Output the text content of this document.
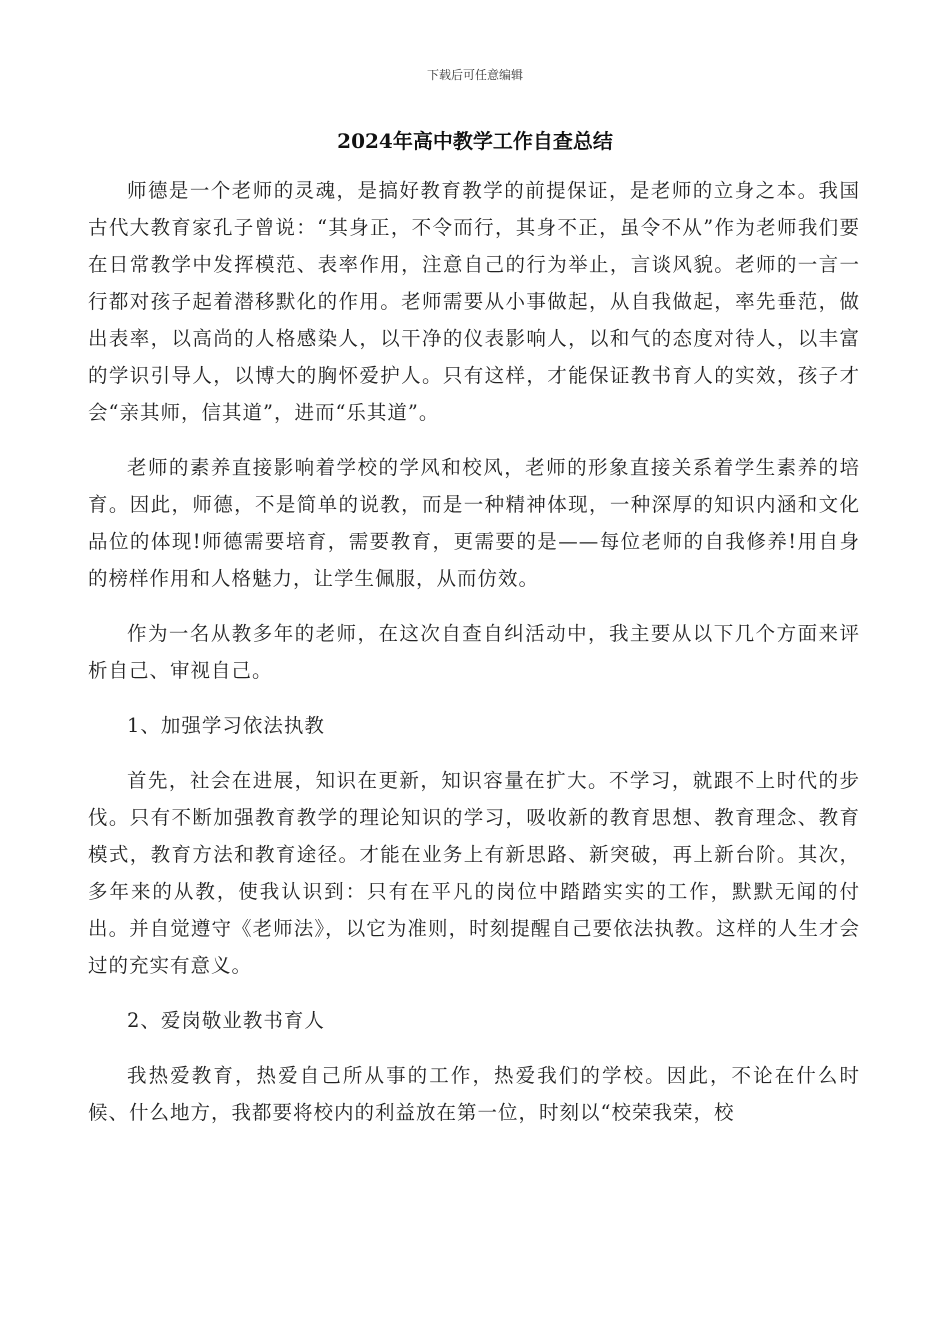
下载后可任意编辑
2024年高中教学工作自查总结

师德是一个老师的灵魂，是搞好教育教学的前提保证，是老师的立身之本。我国古代大教育家孔子曾说：“其身正，不令而行，其身不正，虽令不从”作为老师我们要在日常教学中发挥模范、表率作用，注意自己的行为举止，言谈风貌。老师的一言一行都对孩子起着潜移默化的作用。老师需要从小事做起，从自我做起，率先垂范，做出表率，以高尚的人格感染人，以干净的仪表影响人，以和气的态度对待人，以丰富的学识引导人，以博大的胸怀爱护人。只有这样，才能保证教书育人的实效，孩子才会“亲其师，信其道”，进而“乐其道”。

老师的素养直接影响着学校的学风和校风，老师的形象直接关系着学生素养的培育。因此，师德，不是简单的说教，而是一种精神体现，一种深厚的知识内涵和文化品位的体现!师德需要培育，需要教育，更需要的是——每位老师的自我修养!用自身的榜样作用和人格魅力，让学生佩服，从而仿效。

作为一名从教多年的老师，在这次自查自纠活动中，我主要从以下几个方面来评析自己、审视自己。

1、加强学习依法执教

首先，社会在进展，知识在更新，知识容量在扩大。不学习，就跟不上时代的步伐。只有不断加强教育教学的理论知识的学习，吸收新的教育思想、教育理念、教育模式，教育方法和教育途径。才能在业务上有新思路、新突破，再上新台阶。其次，多年来的从教，使我认识到：只有在平凡的岗位中踏踏实实的工作，默默无闻的付出。并自觉遵守《老师法》，以它为准则，时刻提醒自己要依法执教。这样的人生才会过的充实有意义。

2、爱岗敬业教书育人

我热爱教育，热爱自己所从事的工作，热爱我们的学校。因此，不论在什么时候、什么地方，我都要将校内的利益放在第一位，时刻以“校荣我荣，校
